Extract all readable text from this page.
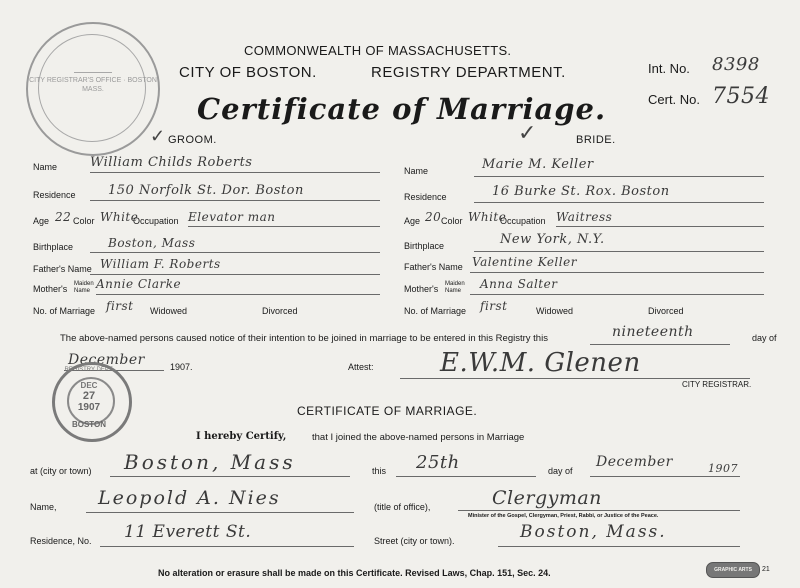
CITY REGISTRAR'S OFFICE · BOSTON MASS.
COMMONWEALTH OF MASSACHUSETTS.
CITY OF BOSTON.	REGISTRY DEPARTMENT.
Certificate of Marriage.
Int. No. 8398
Cert. No. 7554
GROOM.	BRIDE.
✓	✓
Name	William Childs Roberts
Residence 150 Norfolk St. Dor. Boston
Age 22 Color White
Occupation Elevator man
Birthplace	Boston, Mass
Father's Name William F. Roberts
Mother's Maiden
Name Annie Clarke
No. of Marriage first Widowed	Divorced
Name	Marie M. Keller
Residence	16 Burke St. Rox. Boston
Age 20 Color White
Occupation Waitress
Birthplace	New York, N.Y.
Father's Name Valentine Keller
Mother's Maiden
Name Anna Salter
No. of Marriage first	Widowed	Divorced
The above-named persons caused notice of their intention to be joined in marriage to be entered in this Registry this	nineteenth	day of
December	1907.	Attest:	E.W.M. Glenen
CITY REGISTRAR.
DEC
27
1907
BOSTON
REGISTRY DEPT.
CERTIFICATE OF MARRIAGE.
I hereby Certify,	that I joined the above-named persons in Marriage
at (city or town) Boston, Mass	this 25th	day of
December	1907
Name, Leopold A. Nies	(title of office),	Clergyman
Minister of the Gospel, Clergyman, Priest, Rabbi, or Justice of the Peace.
Residence, No. 11 Everett St.	Street (city or town).	Boston, Mass.
No alteration or erasure shall be made on this Certificate. Revised Laws, Chap. 151, Sec. 24.	GRAPHIC ARTS	21
